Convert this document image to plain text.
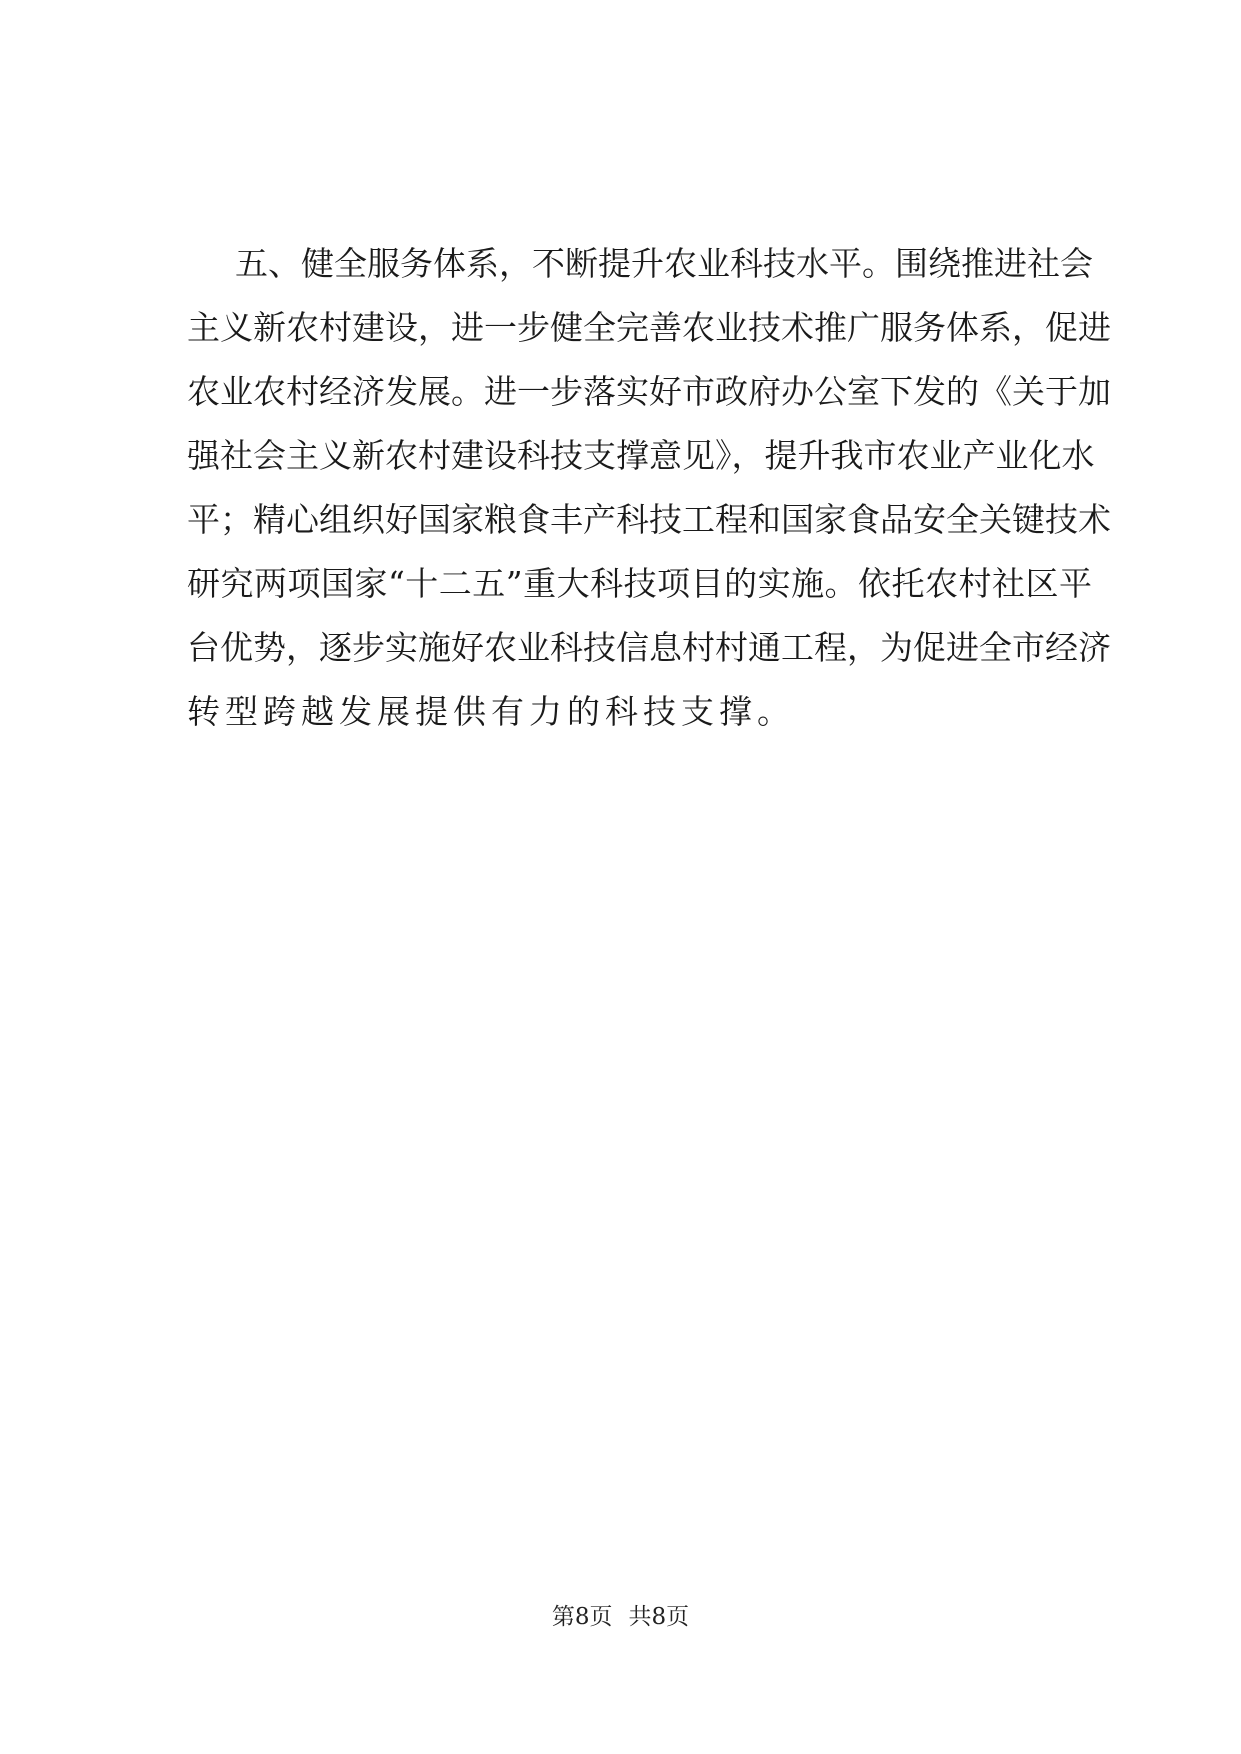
五、健全服务体系，不断提升农业科技水平。围绕推进社会
主义新农村建设，进一步健全完善农业技术推广服务体系，促进
农业农村经济发展。进一步落实好市政府办公室下发的《关于加
强社会主义新农村建设科技支撑意见》，提升我市农业产业化水
平；精心组织好国家粮食丰产科技工程和国家食品安全关键技术
研究两项国家“十二五”重大科技项目的实施。依托农村社区平
台优势，逐步实施好农业科技信息村村通工程，为促进全市经济
转型跨越发展提供有力的科技支撑。
第8页 共8页
